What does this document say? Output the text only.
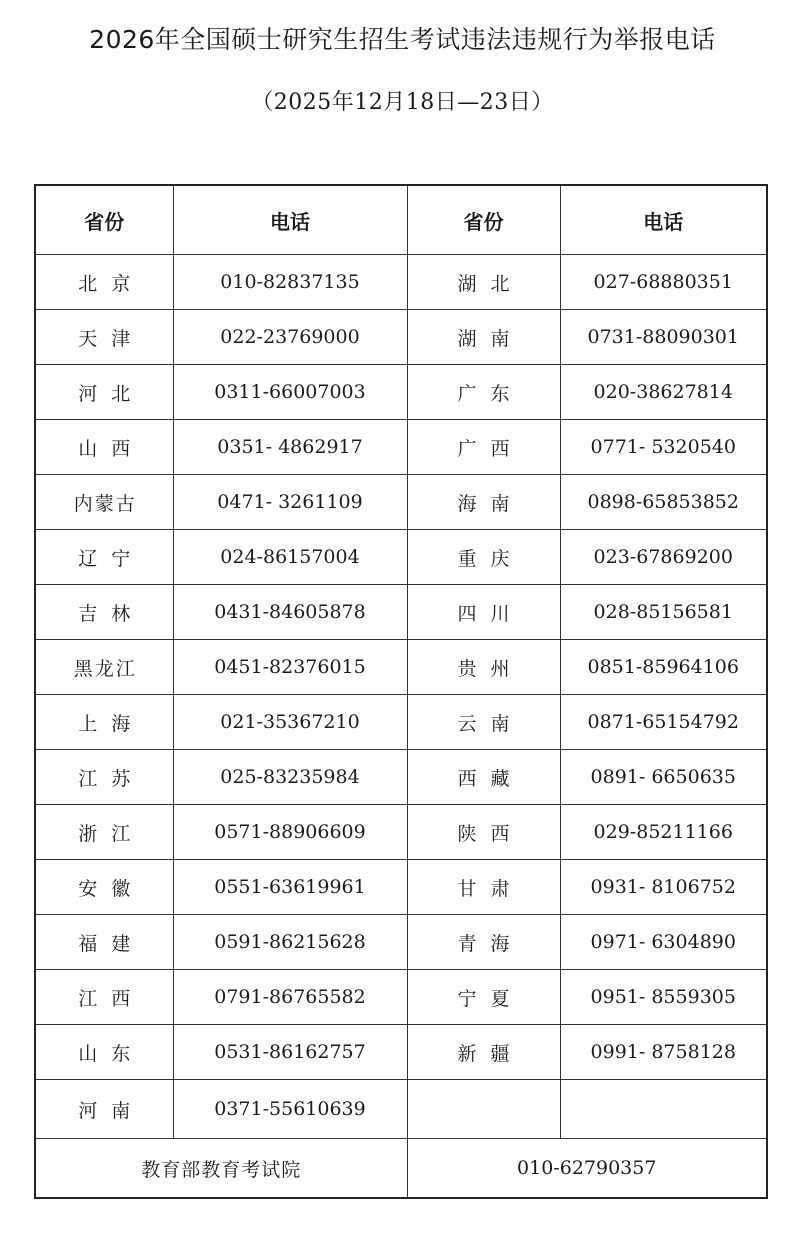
2026年全国硕士研究生招生考试违法违规行为举报电话
（2025年12月18日—23日）
省份	电话	省份	电话
北京	010-82837135	湖北	027-68880351
天津	022-23769000	湖南	0731-88090301
河北	0311-66007003	广东	020-38627814
山西	0351- 4862917	广西	0771- 5320540
内蒙古	0471- 3261109	海南	0898-65853852
辽宁	024-86157004	重庆	023-67869200
吉林	0431-84605878	四川	028-85156581
黑龙江	0451-82376015	贵州	0851-85964106
上海	021-35367210	云南	0871-65154792
江苏	025-83235984	西藏	0891- 6650635
浙江	0571-88906609	陕西	029-85211166
安徽	0551-63619961	甘肃	0931- 8106752
福建	0591-86215628	青海	0971- 6304890
江西	0791-86765582	宁夏	0951- 8559305
山东	0531-86162757	新疆	0991- 8758128
河南	0371-55610639		
教育部教育考试院		010-62790357	
